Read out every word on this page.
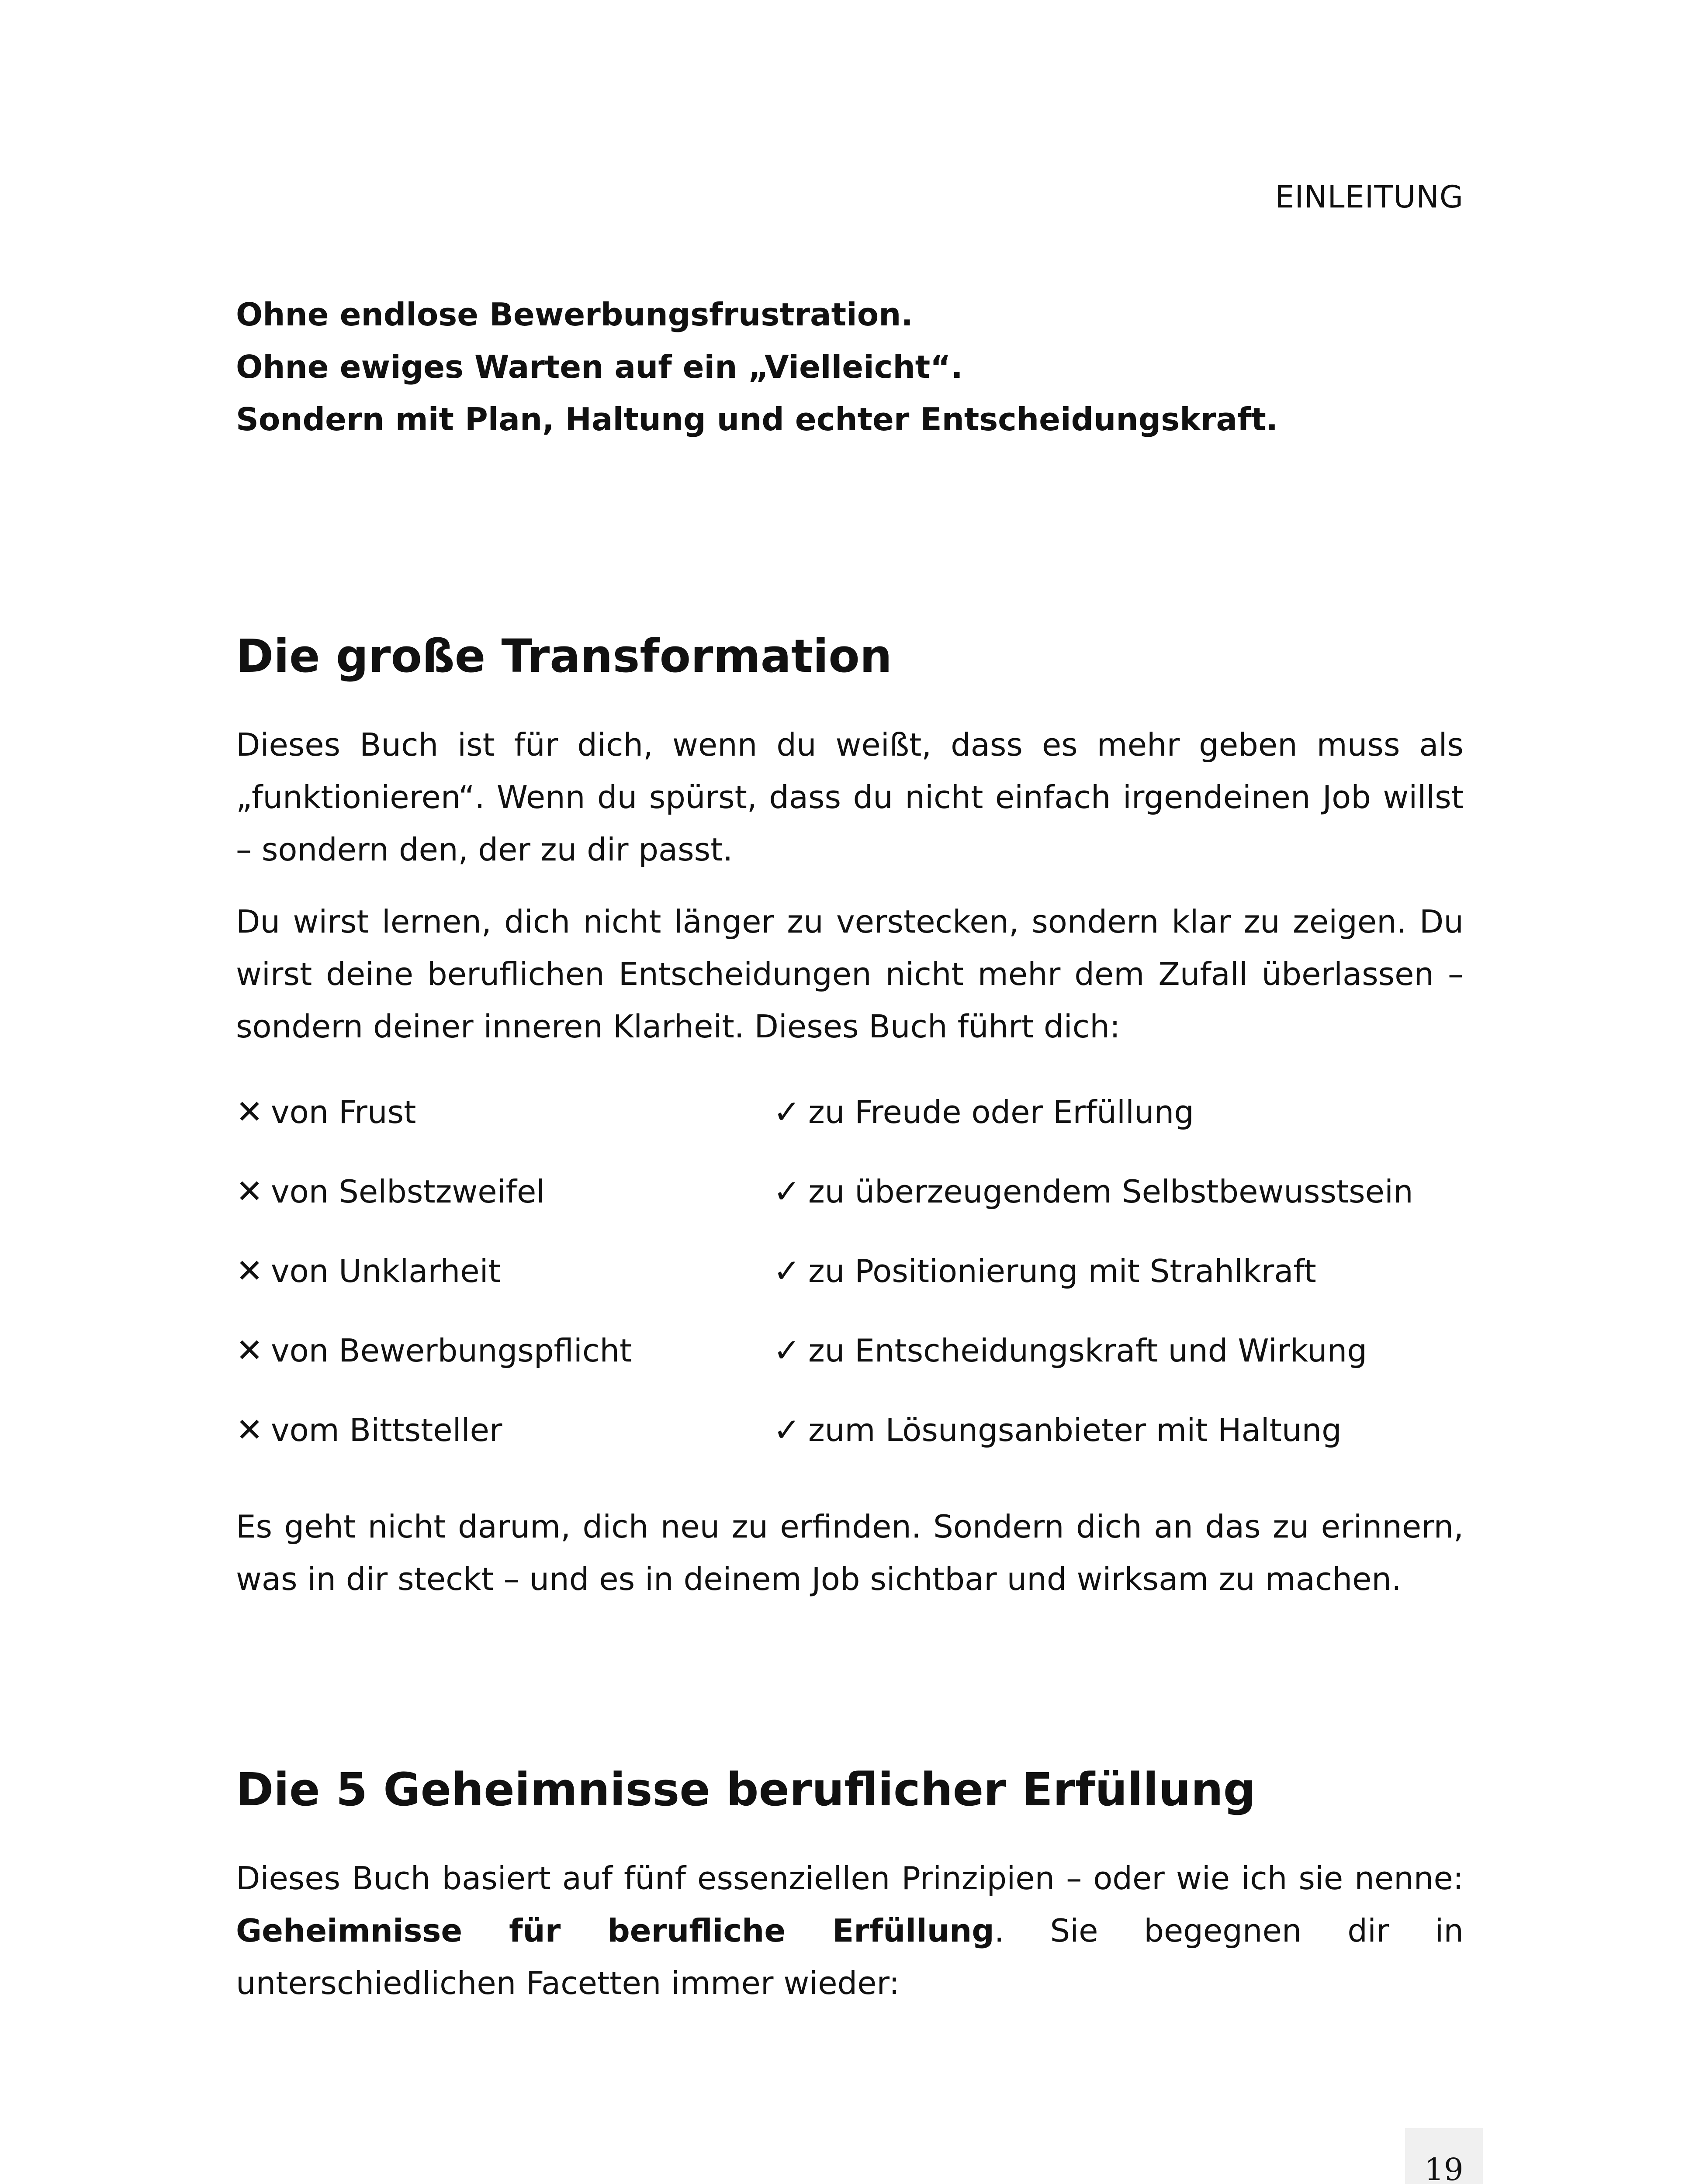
EINLEITUNG

Ohne endlose Bewerbungsfrustration.

Ohne ewiges Warten auf ein „Vielleicht“.

Sondern mit Plan, Haltung und echter Entscheidungskraft.

Die große Transformation

Dieses Buch ist für dich, wenn du weißt, dass es mehr geben muss als „funktionieren“. Wenn du spürst, dass du nicht einfach irgendeinen Job willst – sondern den, der zu dir passt.

Du wirst lernen, dich nicht länger zu verstecken, sondern klar zu zeigen. Du wirst deine beruflichen Entscheidungen nicht mehr dem Zufall überlassen – sondern deiner inneren Klarheit. Dieses Buch führt dich:

✕ von Frust	✓ zu Freude oder Erfüllung
✕ von Selbstzweifel	✓ zu überzeugendem Selbstbewusstsein
✕ von Unklarheit	✓ zu Positionierung mit Strahlkraft
✕ von Bewerbungspflicht	✓ zu Entscheidungskraft und Wirkung
✕ vom Bittsteller	✓ zum Lösungsanbieter mit Haltung

Es geht nicht darum, dich neu zu erfinden. Sondern dich an das zu erinnern, was in dir steckt – und es in deinem Job sichtbar und wirksam zu machen.

Die 5 Geheimnisse beruflicher Erfüllung

Dieses Buch basiert auf fünf essenziellen Prinzipien – oder wie ich sie nenne: Geheimnisse für berufliche Erfüllung. Sie begegnen dir in unterschiedlichen Facetten immer wieder:

19
